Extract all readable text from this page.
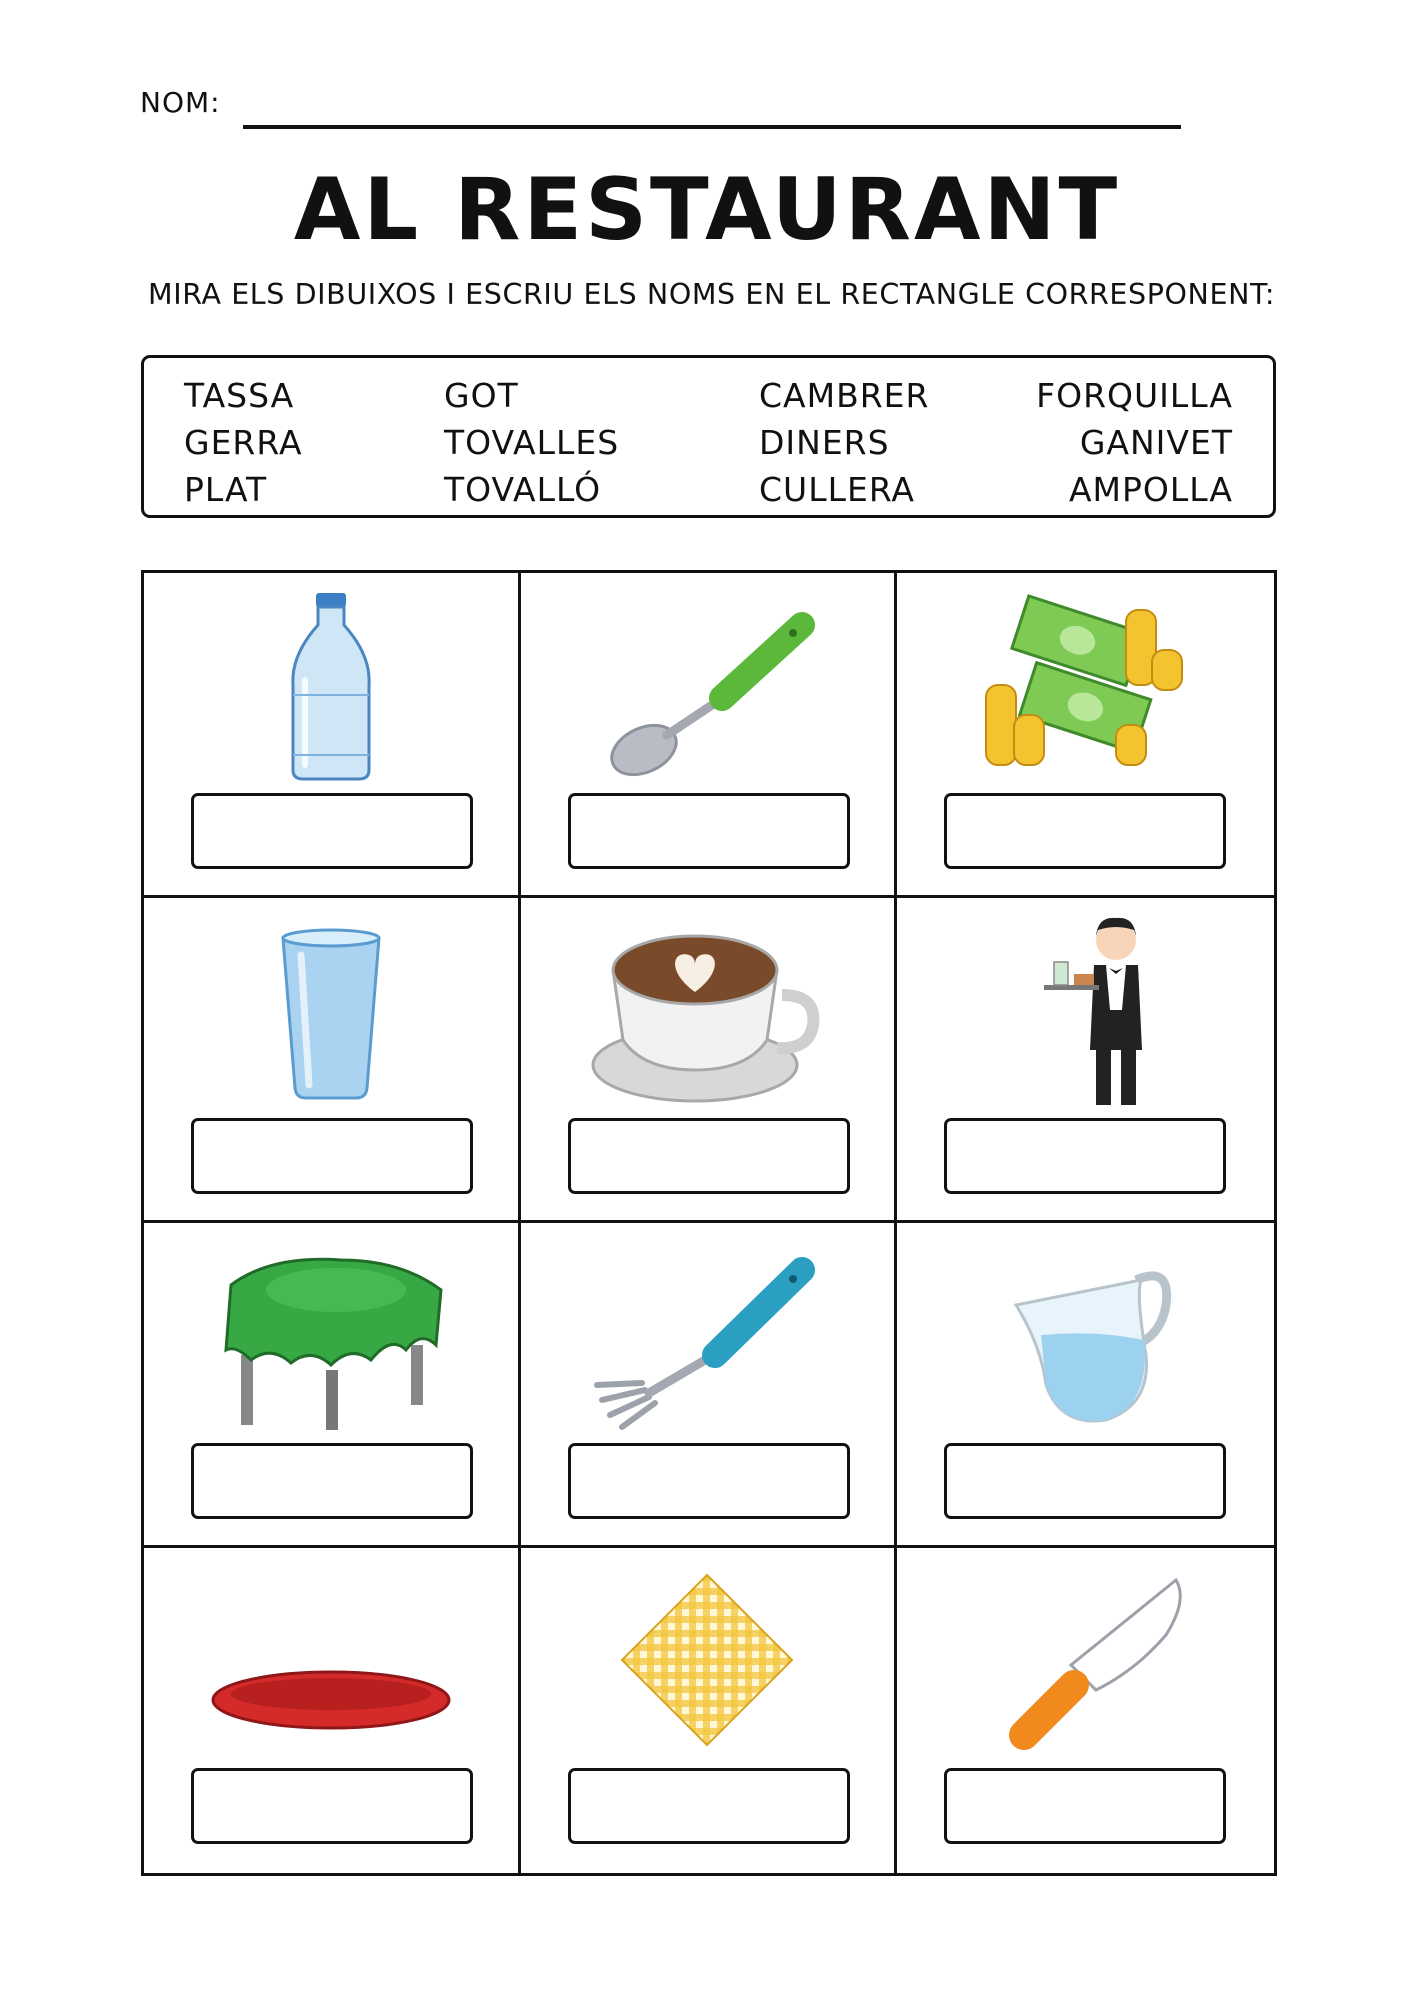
NOM:
AL RESTAURANT
MIRA ELS DIBUIXOS I ESCRIU ELS NOMS EN EL RECTANGLE CORRESPONENT:
TASSA
GERRA
PLAT
GOT
TOVALLES
TOVALLÓ
CAMBRER
DINERS
CULLERA
FORQUILLA
GANIVET
AMPOLLA
